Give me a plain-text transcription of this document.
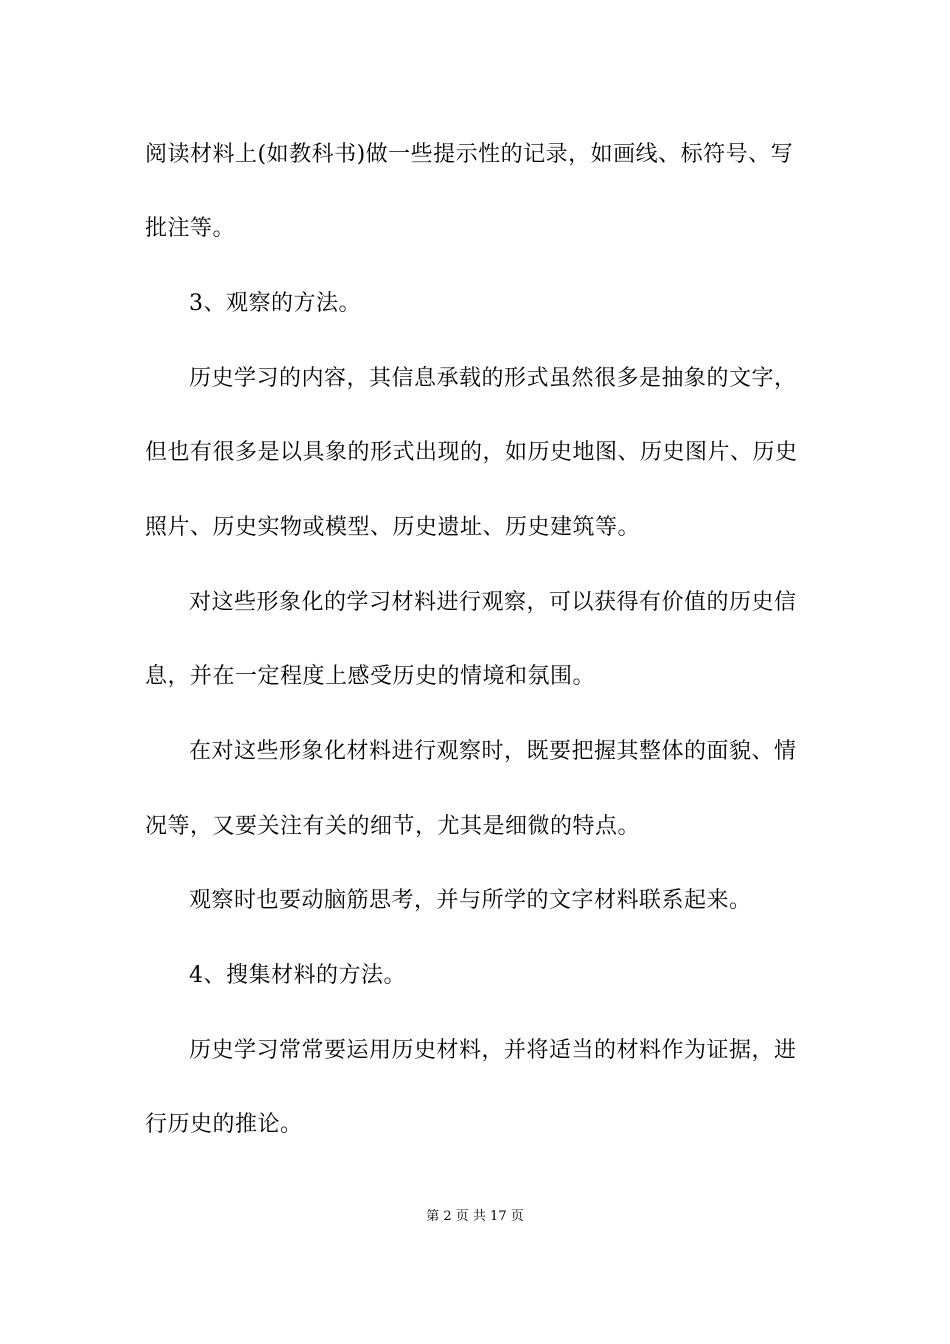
阅读材料上(如教科书)做一些提示性的记录，如画线、标符号、写
批注等。
3、观察的方法。
历史学习的内容，其信息承载的形式虽然很多是抽象的文字，
但也有很多是以具象的形式出现的，如历史地图、历史图片、历史
照片、历史实物或模型、历史遗址、历史建筑等。
对这些形象化的学习材料进行观察，可以获得有价值的历史信
息，并在一定程度上感受历史的情境和氛围。
在对这些形象化材料进行观察时，既要把握其整体的面貌、情
况等，又要关注有关的细节，尤其是细微的特点。
观察时也要动脑筋思考，并与所学的文字材料联系起来。
4、搜集材料的方法。
历史学习常常要运用历史材料，并将适当的材料作为证据，进
行历史的推论。
第 2 页 共 17 页
